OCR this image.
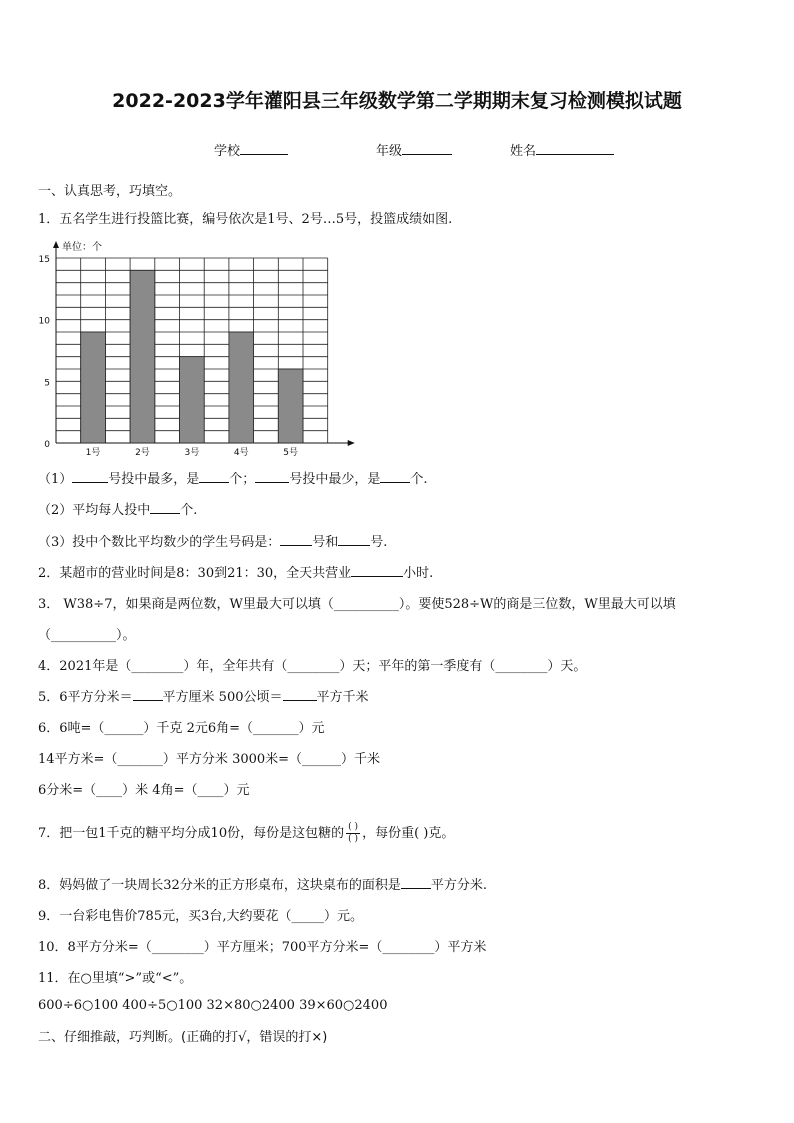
2022-2023学年灌阳县三年级数学第二学期期末复习检测模拟试题
学校	年级	姓名
一、认真思考，巧填空。
1．五名学生进行投篮比赛，编号依次是1号、2号…5号，投篮成绩如图.
单位：个
0
5
10
15
1号	2号	3号	4号	5号
（1）	号投中最多，是 个；	号投中最少，是 个.
（2）平均每人投中 个.
（3）投中个数比平均数少的学生号码是： 号和 号.
2．某超市的营业时间是8：30到21：30，全天共营业	小时.
3． W38÷7，如果商是两位数，W里最大可以填（__________）。要使528÷W的商是三位数，W里最大可以填
（__________）。
4．2021年是（________）年，全年共有（________）天；平年的第一季度有（________）天。
5．6平方分米＝ 平方厘米 500公顷＝	平方千米
6．6吨=（______）千克 2元6角=（_______）元
14平方米=（_______）平方分米 3000米=（______）千米
6分米=（____）米 4角=（____）元
7．把一包1千克的糖平均分成10份，每份是这包糖的 $\frac{( )}{( )}$ ，每份重( )克。
8．妈妈做了一块周长32分米的正方形桌布，这块桌布的面积是 平方分米.
9．一台彩电售价785元，买3台,大约要花（_____）元。
10．8平方分米=（________）平方厘米；700平方分米=（________）平方米
11．在○里填“>”或“<”。
600÷6○100 400÷5○100 32×80○2400 39×60○2400
二、仔细推敲，巧判断。(正确的打√，错误的打×)
